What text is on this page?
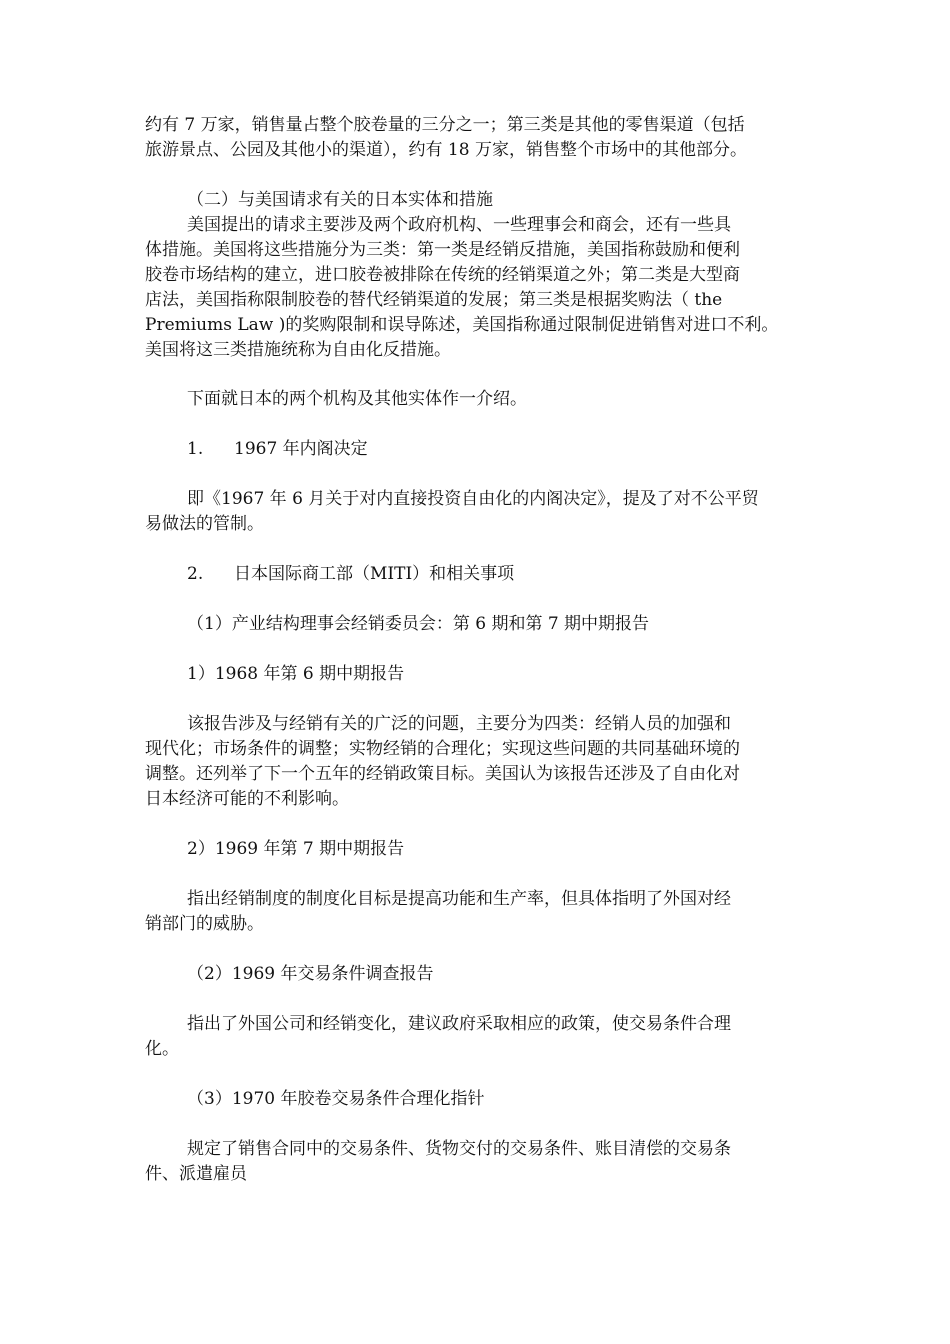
约有 7 万家，销售量占整个胶卷量的三分之一；第三类是其他的零售渠道（包括
旅游景点、公园及其他小的渠道），约有 18 万家，销售整个市场中的其他部分。

（二）与美国请求有关的日本实体和措施

美国提出的请求主要涉及两个政府机构、一些理事会和商会，还有一些具
体措施。美国将这些措施分为三类：第一类是经销反措施，美国指称鼓励和便利
胶卷市场结构的建立，进口胶卷被排除在传统的经销渠道之外；第二类是大型商
店法，美国指称限制胶卷的替代经销渠道的发展；第三类是根据奖购法（ the
Premiums Law )的奖购限制和误导陈述，美国指称通过限制促进销售对进口不利。
美国将这三类措施统称为自由化反措施。

下面就日本的两个机构及其他实体作一介绍。

1. 1967 年内阁决定

即《1967 年 6 月关于对内直接投资自由化的内阁决定》，提及了对不公平贸
易做法的管制。

2. 日本国际商工部（MITI）和相关事项

（1）产业结构理事会经销委员会：第 6 期和第 7 期中期报告

1）1968 年第 6 期中期报告

该报告涉及与经销有关的广泛的问题，主要分为四类：经销人员的加强和
现代化；市场条件的调整；实物经销的合理化；实现这些问题的共同基础环境的
调整。还列举了下一个五年的经销政策目标。美国认为该报告还涉及了自由化对
日本经济可能的不利影响。

2）1969 年第 7 期中期报告

指出经销制度的制度化目标是提高功能和生产率，但具体指明了外国对经
销部门的威胁。

（2）1969 年交易条件调查报告

指出了外国公司和经销变化，建议政府采取相应的政策，使交易条件合理
化。

（3）1970 年胶卷交易条件合理化指针

规定了销售合同中的交易条件、货物交付的交易条件、账目清偿的交易条
件、派遣雇员
